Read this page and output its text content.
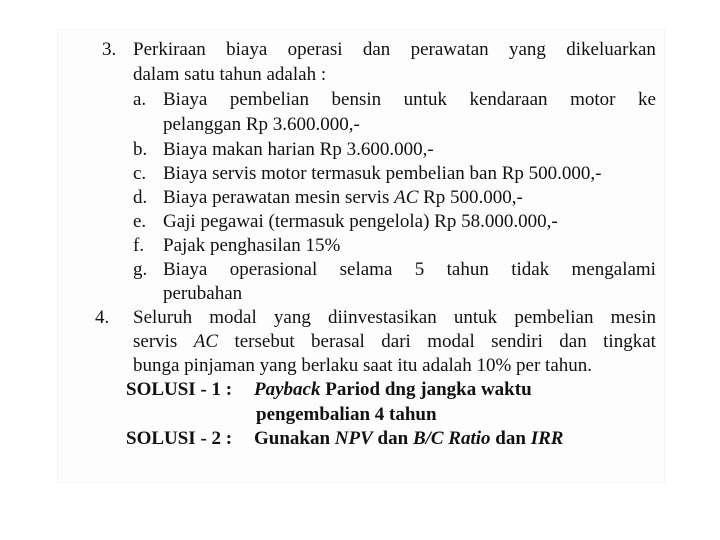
3. Perkiraan biaya operasi dan perawatan yang dikeluarkan
dalam satu tahun adalah :
a. Biaya pembelian bensin untuk kendaraan motor ke
pelanggan Rp 3.600.000,-
b. Biaya makan harian Rp 3.600.000,-
c. Biaya servis motor termasuk pembelian ban Rp 500.000,-
d. Biaya perawatan mesin servis AC Rp 500.000,-
e. Gaji pegawai (termasuk pengelola) Rp 58.000.000,-
f. Pajak penghasilan 15%
g. Biaya operasional selama 5 tahun tidak mengalami
perubahan
4. Seluruh modal yang diinvestasikan untuk pembelian mesin
servis AC tersebut berasal dari modal sendiri dan tingkat
bunga pinjaman yang berlaku saat itu adalah 10% per tahun.
SOLUSI - 1 : Payback Pariod dng jangka waktu
pengembalian 4 tahun
SOLUSI - 2 : Gunakan NPV dan B/C Ratio dan IRR
